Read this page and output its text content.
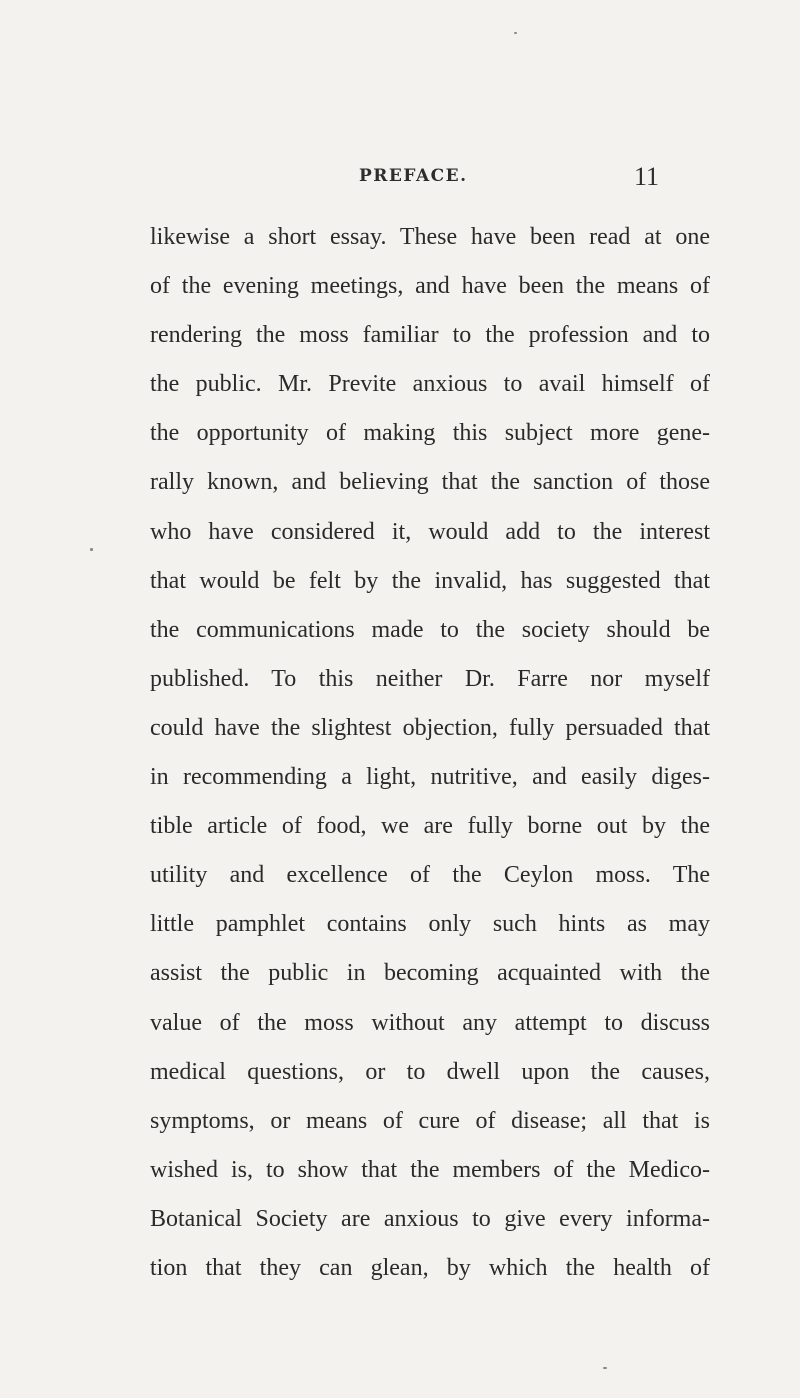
PREFACE.	11
likewise a short essay. These have been read at one
of the evening meetings, and have been the means of
rendering the moss familiar to the profession and to
the public. Mr. Previte anxious to avail himself of
the opportunity of making this subject more gene-
rally known, and believing that the sanction of those
who have considered it, would add to the interest
that would be felt by the invalid, has suggested that
the communications made to the society should be
published. To this neither Dr. Farre nor myself
could have the slightest objection, fully persuaded that
in recommending a light, nutritive, and easily diges-
tible article of food, we are fully borne out by the
utility and excellence of the Ceylon moss. The
little pamphlet contains only such hints as may
assist the public in becoming acquainted with the
value of the moss without any attempt to discuss
medical questions, or to dwell upon the causes,
symptoms, or means of cure of disease; all that is
wished is, to show that the members of the Medico-
Botanical Society are anxious to give every informa-
tion that they can glean, by which the health of
